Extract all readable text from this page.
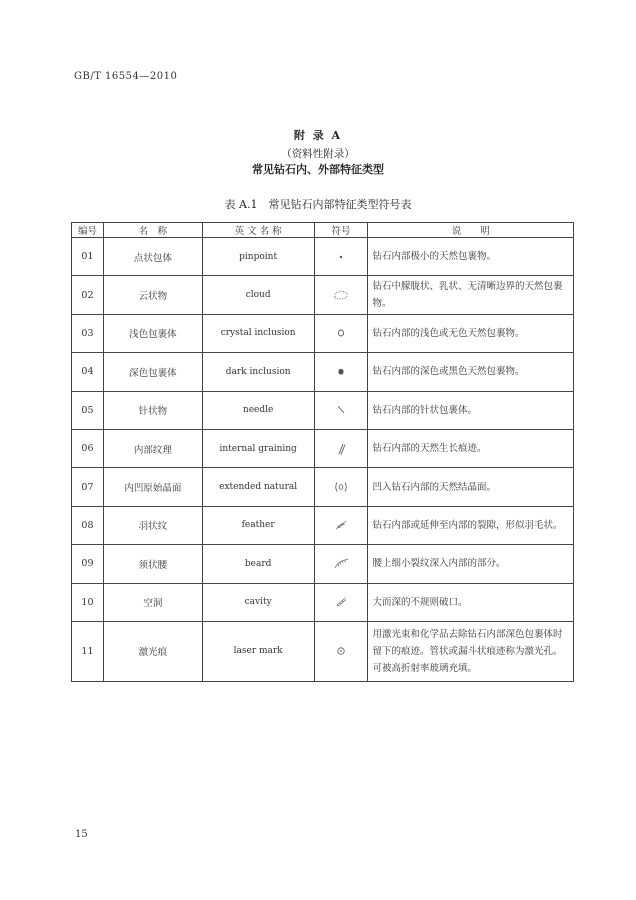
GB/T 16554—2010
附 录 A
（资料性附录）
常见钻石内、外部特征类型
表 A.1　常见钻石内部特征类型符号表
编号	名　称	英 文 名 称	符号	说　　明
01	点状包体	pinpoint		钻石内部极小的天然包裹物。
02	云状物	cloud		钻石中朦胧状、乳状、无清晰边界的天然包裹物。
03	浅色包裹体	crystal inclusion		钻石内部的浅色或无色天然包裹物。
04	深色包裹体	dark inclusion		钻石内部的深色或黑色天然包裹物。
05	针状物	needle		钻石内部的针状包裹体。
06	内部纹理	internal graining		钻石内部的天然生长痕迹。
07	内凹原始晶面	extended natural		凹入钻石内部的天然结晶面。
08	羽状纹	feather		钻石内部或延伸至内部的裂隙，形似羽毛状。
09	须状腰	beard		腰上细小裂纹深入内部的部分。
10	空洞	cavity		大而深的不规则破口。
11	激光痕	laser mark		用激光束和化学品去除钻石内部深色包裹体时留下的痕迹。管状或漏斗状痕迹称为激光孔。可被高折射率玻璃充填。
15
